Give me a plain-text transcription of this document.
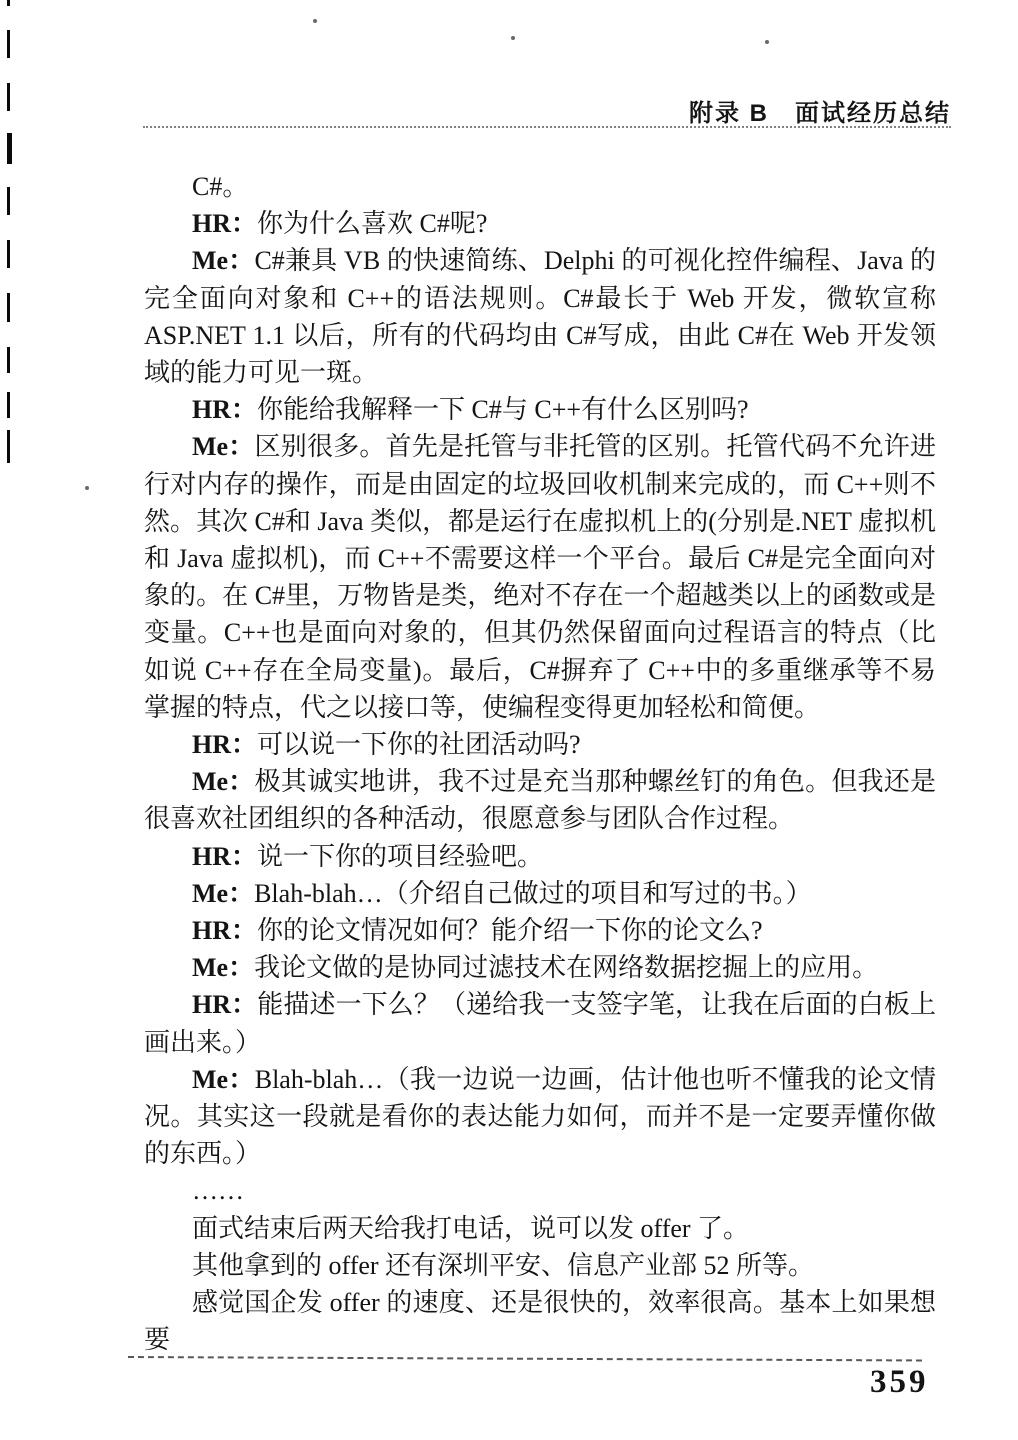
附录 B 面试经历总结

C#。

HR：你为什么喜欢 C#呢?

Me：C#兼具 VB 的快速简练、Delphi 的可视化控件编程、Java 的完全面向对象和 C++的语法规则。C#最长于 Web 开发，微软宣称 ASP.NET 1.1 以后，所有的代码均由 C#写成，由此 C#在 Web 开发领域的能力可见一斑。

HR：你能给我解释一下 C#与 C++有什么区别吗?

Me：区别很多。首先是托管与非托管的区别。托管代码不允许进行对内存的操作，而是由固定的垃圾回收机制来完成的，而 C++则不然。其次 C#和 Java 类似，都是运行在虚拟机上的(分别是.NET 虚拟机和 Java 虚拟机)，而 C++不需要这样一个平台。最后 C#是完全面向对象的。在 C#里，万物皆是类，绝对不存在一个超越类以上的函数或是变量。C++也是面向对象的，但其仍然保留面向过程语言的特点（比如说 C++存在全局变量)。最后，C#摒弃了 C++中的多重继承等不易掌握的特点，代之以接口等，使编程变得更加轻松和简便。

HR：可以说一下你的社团活动吗?

Me：极其诚实地讲，我不过是充当那种螺丝钉的角色。但我还是很喜欢社团组织的各种活动，很愿意参与团队合作过程。

HR：说一下你的项目经验吧。

Me：Blah-blah…（介绍自己做过的项目和写过的书。）

HR：你的论文情况如何？能介绍一下你的论文么?

Me：我论文做的是协同过滤技术在网络数据挖掘上的应用。

HR：能描述一下么？（递给我一支签字笔，让我在后面的白板上画出来。）

Me：Blah-blah…（我一边说一边画，估计他也听不懂我的论文情况。其实这一段就是看你的表达能力如何，而并不是一定要弄懂你做的东西。）

……

面式结束后两天给我打电话，说可以发 offer 了。

其他拿到的 offer 还有深圳平安、信息产业部 52 所等。

感觉国企发 offer 的速度、还是很快的，效率很高。基本上如果想要

359
